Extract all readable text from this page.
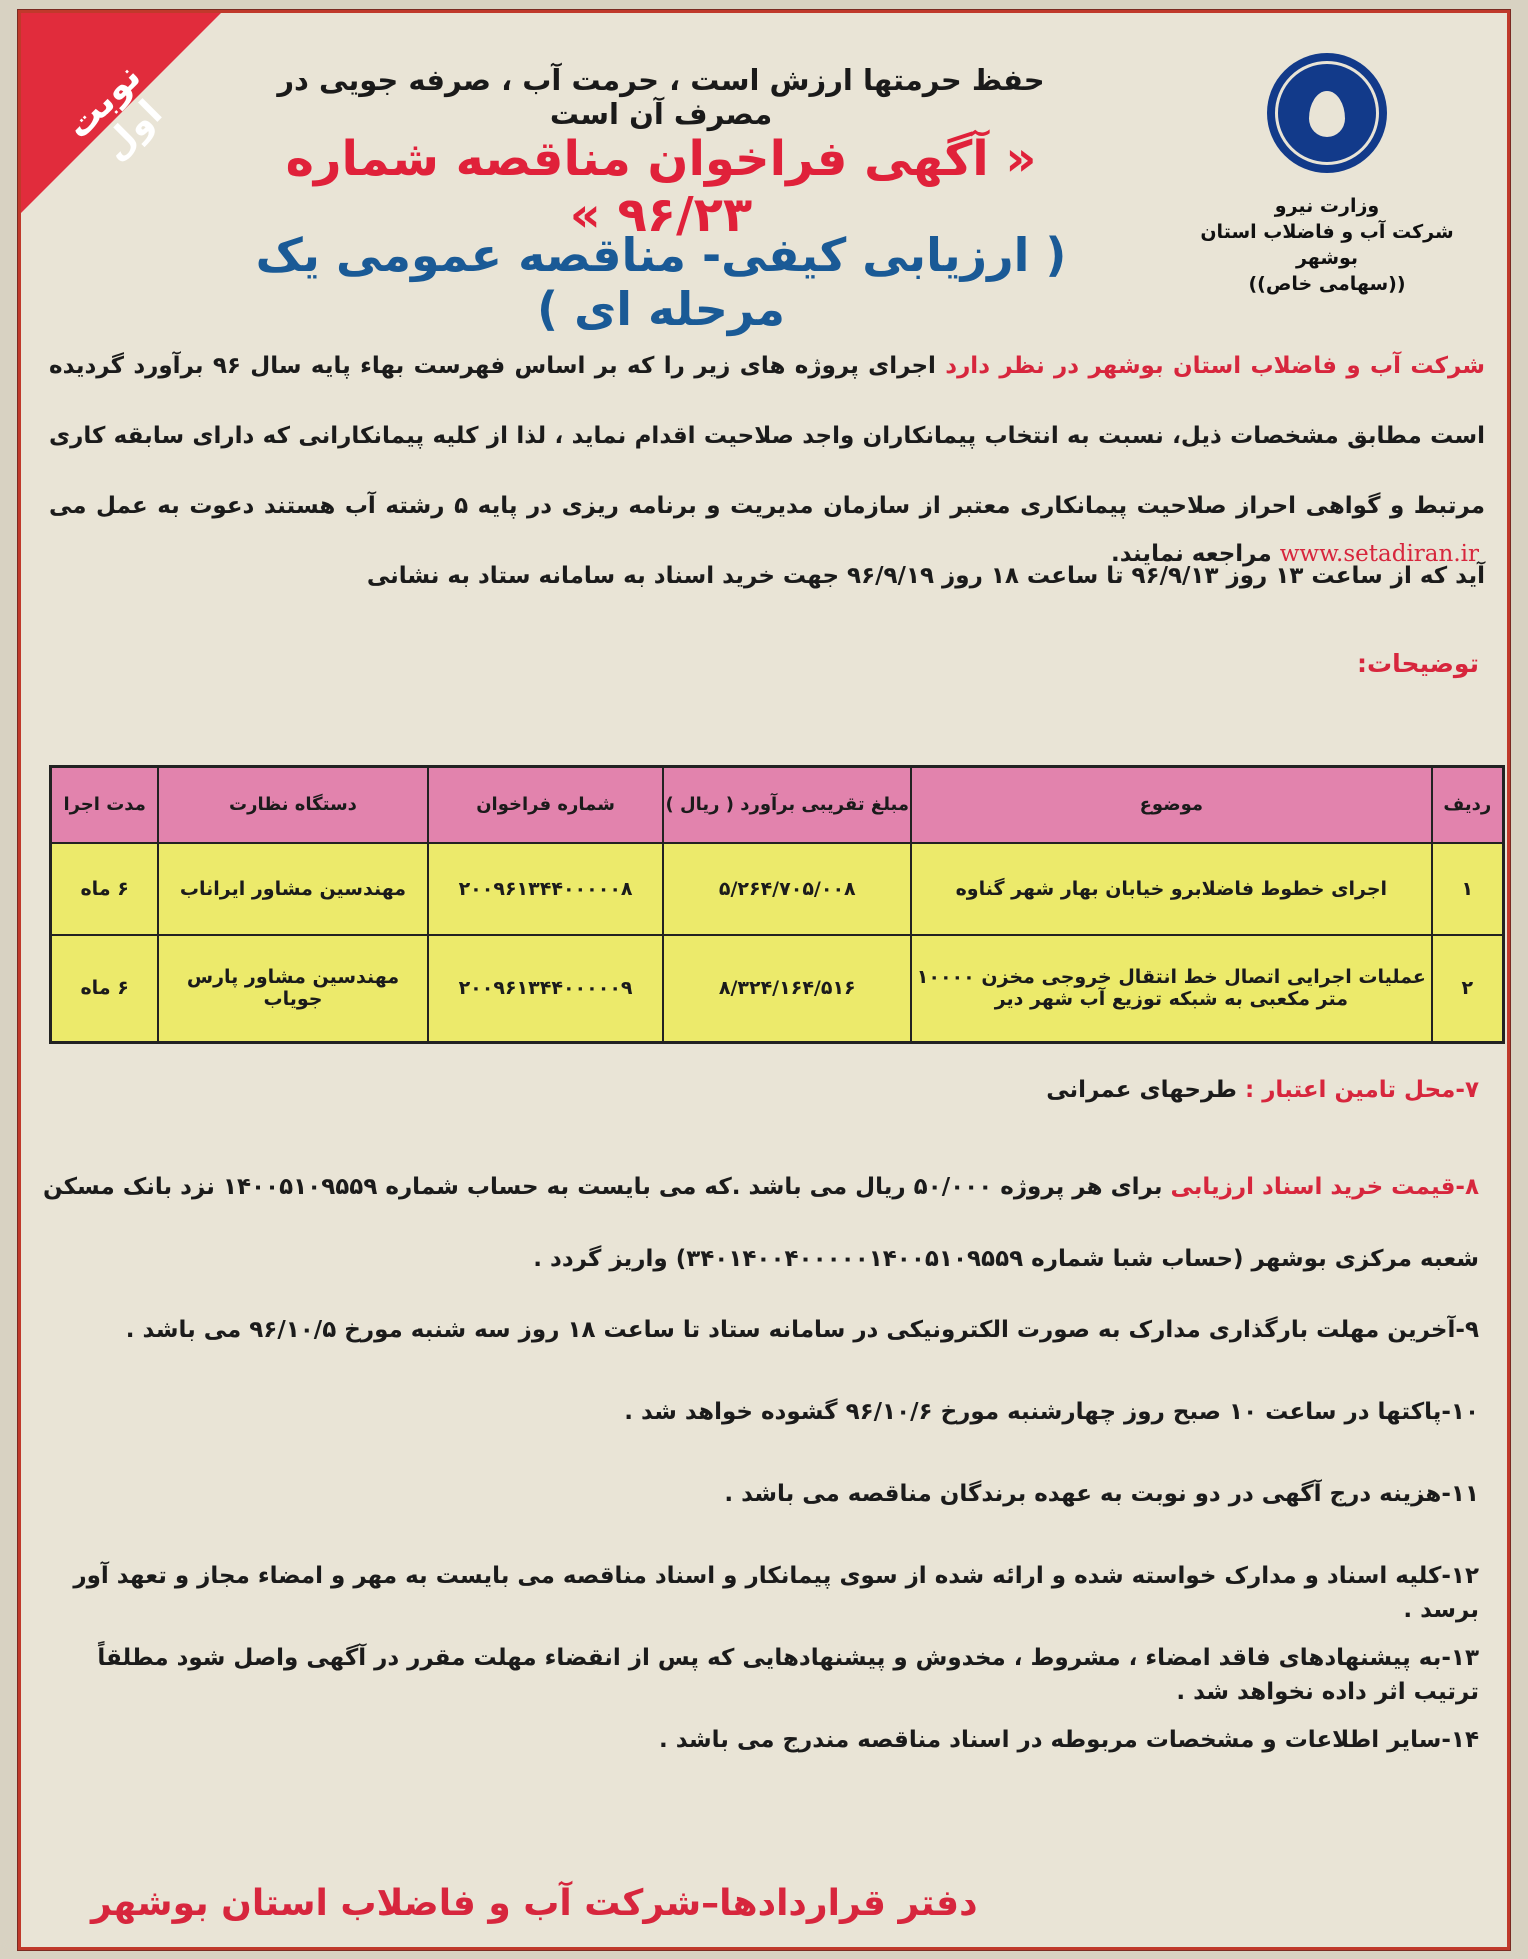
نوبت اول
وزارت نیرو
شرکت آب و فاضلاب استان بوشهر
((سهامی خاص))
حفظ حرمتها ارزش است ، حرمت آب ، صرفه جویی در مصرف آن است
« آگهی فراخوان مناقصه شماره ۹۶/۲۳ »
( ارزیابی کیفی- مناقصه عمومی یک مرحله ای )
شرکت آب و فاضلاب استان بوشهر در نظر دارد اجرای پروژه های زیر را که بر اساس فهرست بهاء پایه سال ۹۶ برآورد گردیده است مطابق مشخصات ذیل، نسبت به انتخاب پیمانکاران واجد صلاحیت اقدام نماید ، لذا از کلیه پیمانکارانی که دارای سابقه کاری مرتبط و گواهی احراز صلاحیت پیمانکاری معتبر از سازمان مدیریت و برنامه ریزی در پایه ۵ رشته آب هستند دعوت به عمل می آید که از ساعت ۱۳ روز ۹۶/۹/۱۳ تا ساعت ۱۸ روز ۹۶/۹/۱۹ جهت خرید اسناد به سامانه ستاد به نشانی
www.setadiran.ir مراجعه نمایند.
توضیحات:
ردیف	موضوع	مبلغ تقریبی برآورد ( ریال )	شماره فراخوان	دستگاه نظارت	مدت اجرا
۱	اجرای خطوط فاضلابرو خیابان بهار شهر گناوه	۵/۲۶۴/۷۰۵/۰۰۸	۲۰۰۹۶۱۳۴۴۰۰۰۰۰۸	مهندسین مشاور ایراناب	۶ ماه
۲	عملیات اجرایی اتصال خط انتقال خروجی مخزن ۱۰۰۰۰ متر مکعبی به شبکه توزیع آب شهر دیر	۸/۳۲۴/۱۶۴/۵۱۶	۲۰۰۹۶۱۳۴۴۰۰۰۰۰۹	مهندسین مشاور پارس جویاب	۶ ماه
۷-محل تامین اعتبار : طرحهای عمرانی
۸-قیمت خرید اسناد ارزیابی برای هر پروژه ۵۰/۰۰۰ ریال می باشد .که می بایست به حساب شماره ۱۴۰۰۵۱۰۹۵۵۹ نزد بانک مسکن شعبه مرکزی بوشهر (حساب شبا شماره ۳۴۰۱۴۰۰۴۰۰۰۰۰۱۴۰۰۵۱۰۹۵۵۹) واریز گردد .
۹-آخرین مهلت بارگذاری مدارک به صورت الکترونیکی در سامانه ستاد تا ساعت ۱۸ روز سه شنبه مورخ ۹۶/۱۰/۵ می باشد .
۱۰-پاکتها در ساعت ۱۰ صبح روز چهارشنبه مورخ ۹۶/۱۰/۶ گشوده خواهد شد .
۱۱-هزینه درج آگهی در دو نوبت به عهده برندگان مناقصه می باشد .
۱۲-کلیه اسناد و مدارک خواسته شده و ارائه شده از سوی پیمانکار و اسناد مناقصه می بایست به مهر و امضاء مجاز و تعهد آور برسد .
۱۳-به پیشنهادهای فاقد امضاء ، مشروط ، مخدوش و پیشنهادهایی که پس از انقضاء مهلت مقرر در آگهی واصل شود مطلقاً ترتیب اثر داده نخواهد شد .
۱۴-سایر اطلاعات و مشخصات مربوطه در اسناد مناقصه مندرج می باشد .
دفتر قراردادها–شرکت آب و فاضلاب استان بوشهر
